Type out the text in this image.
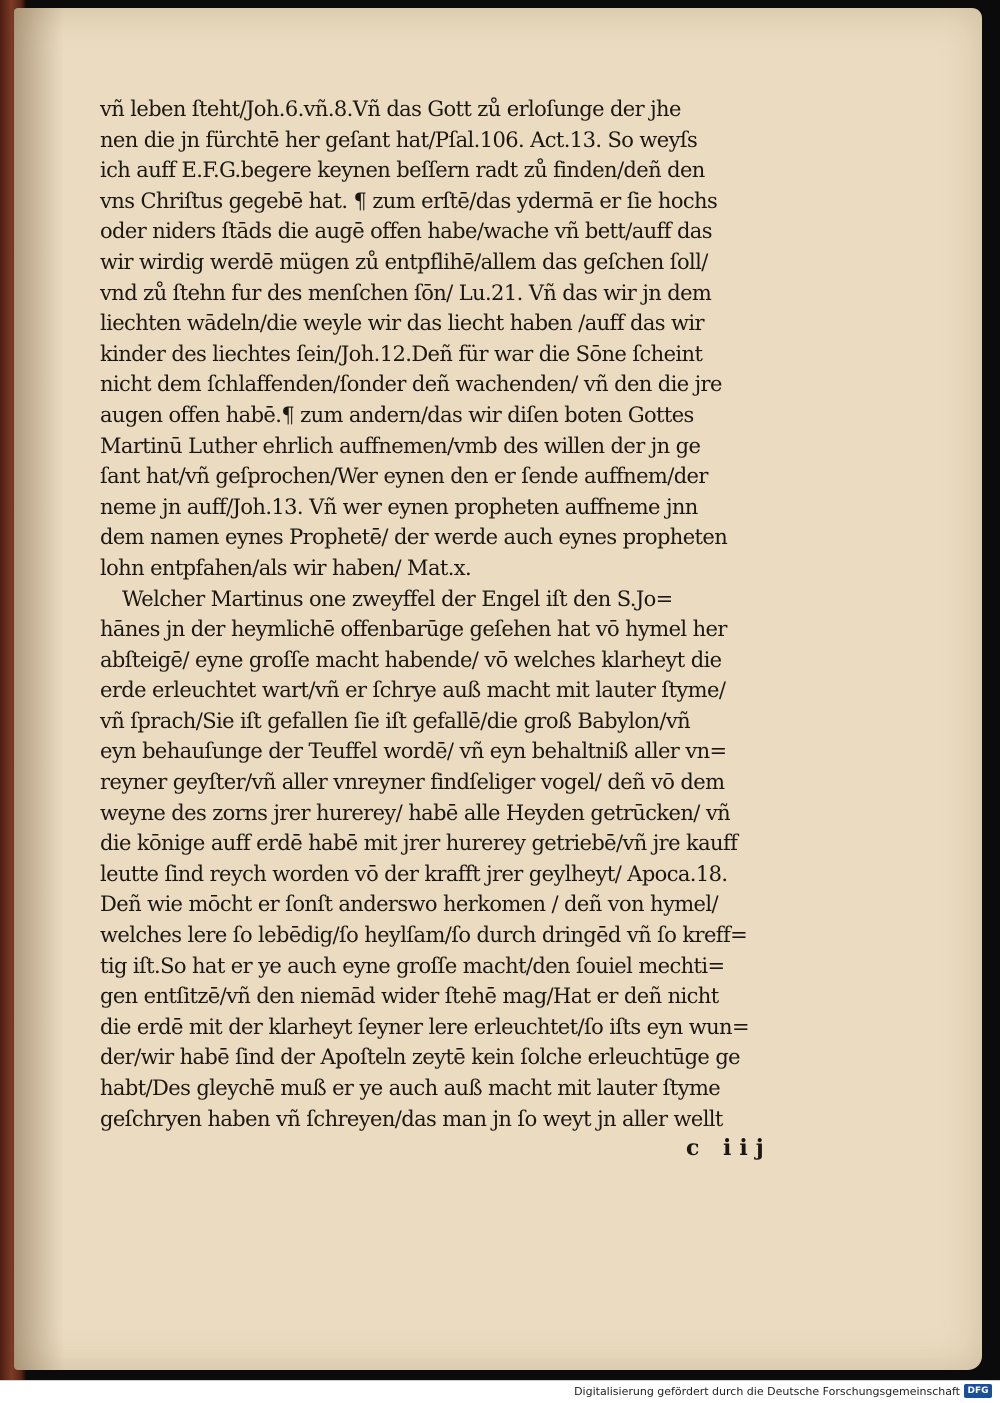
vñ leben ſteht/Joh.6.vñ.8.Vñ das Gott zů erloſunge der jhe
nen die jn fürchtē her geſant hat/Pſal.106. Act.13. So weyſs
ich auff E.F.G.begere keynen beſſern radt zů finden/deñ den
vns Chriſtus gegebē hat. ¶ zum erſtē/das ydermā er ſie hochs
oder niders ſtāds die augē offen habe/wache vñ bett/auff das
wir wirdig werdē mügen zů entpflihē/allem das geſchen ſoll/
vnd zů ſtehn fur des menſchen ſōn/ Lu.21. Vñ das wir jn dem
liechten wādeln/die weyle wir das liecht haben /auff das wir
kinder des liechtes ſein/Joh.12.Deñ für war die Sōne ſcheint
nicht dem ſchlaffenden/ſonder deñ wachenden/ vñ den die jre
augen offen habē.¶ zum andern/das wir diſen boten Gottes
Martinū Luther ehrlich auffnemen/vmb des willen der jn ge
ſant hat/vñ geſprochen/Wer eynen den er ſende auffnem/der
neme jn auff/Joh.13. Vñ wer eynen propheten auffneme jnn
dem namen eynes Prophetē/ der werde auch eynes propheten
lohn entpfahen/als wir haben/ Mat.x.
Welcher Martinus one zweyffel der Engel iſt den S.Jo=
hānes jn der heymlichē offenbarūge geſehen hat vō hymel her
abſteigē/ eyne groſſe macht habende/ vō welches klarheyt die
erde erleuchtet wart/vñ er ſchrye auß macht mit lauter ſtyme/
vñ ſprach/Sie iſt gefallen ſie iſt gefallē/die groß Babylon/vñ
eyn behauſunge der Teuffel wordē/ vñ eyn behaltniß aller vn=
reyner geyſter/vñ aller vnreyner findſeliger vogel/ deñ vō dem
weyne des zorns jrer hurerey/ habē alle Heyden getrūcken/ vñ
die kōnige auff erdē habē mit jrer hurerey getriebē/vñ jre kauff
leutte ſind reych worden vō der krafft jrer geylheyt/ Apoca.18.
Deñ wie mōcht er ſonſt anderswo herkomen / deñ von hymel/
welches lere ſo lebēdig/ſo heylſam/ſo durch dringēd vñ ſo kreff=
tig iſt.So hat er ye auch eyne groſſe macht/den ſouiel mechti=
gen entſitzē/vñ den niemād wider ſtehē mag/Hat er deñ nicht
die erdē mit der klarheyt ſeyner lere erleuchtet/ſo iſts eyn wun=
der/wir habē ſind der Apoſteln zeytē kein ſolche erleuchtūge ge
habt/Des gleychē muß er ye auch auß macht mit lauter ſtyme
geſchryen haben vñ ſchreyen/das man jn ſo weyt jn aller wellt
c iij
Digitalisierung gefördert durch die Deutsche Forschungsgemeinschaft DFG
